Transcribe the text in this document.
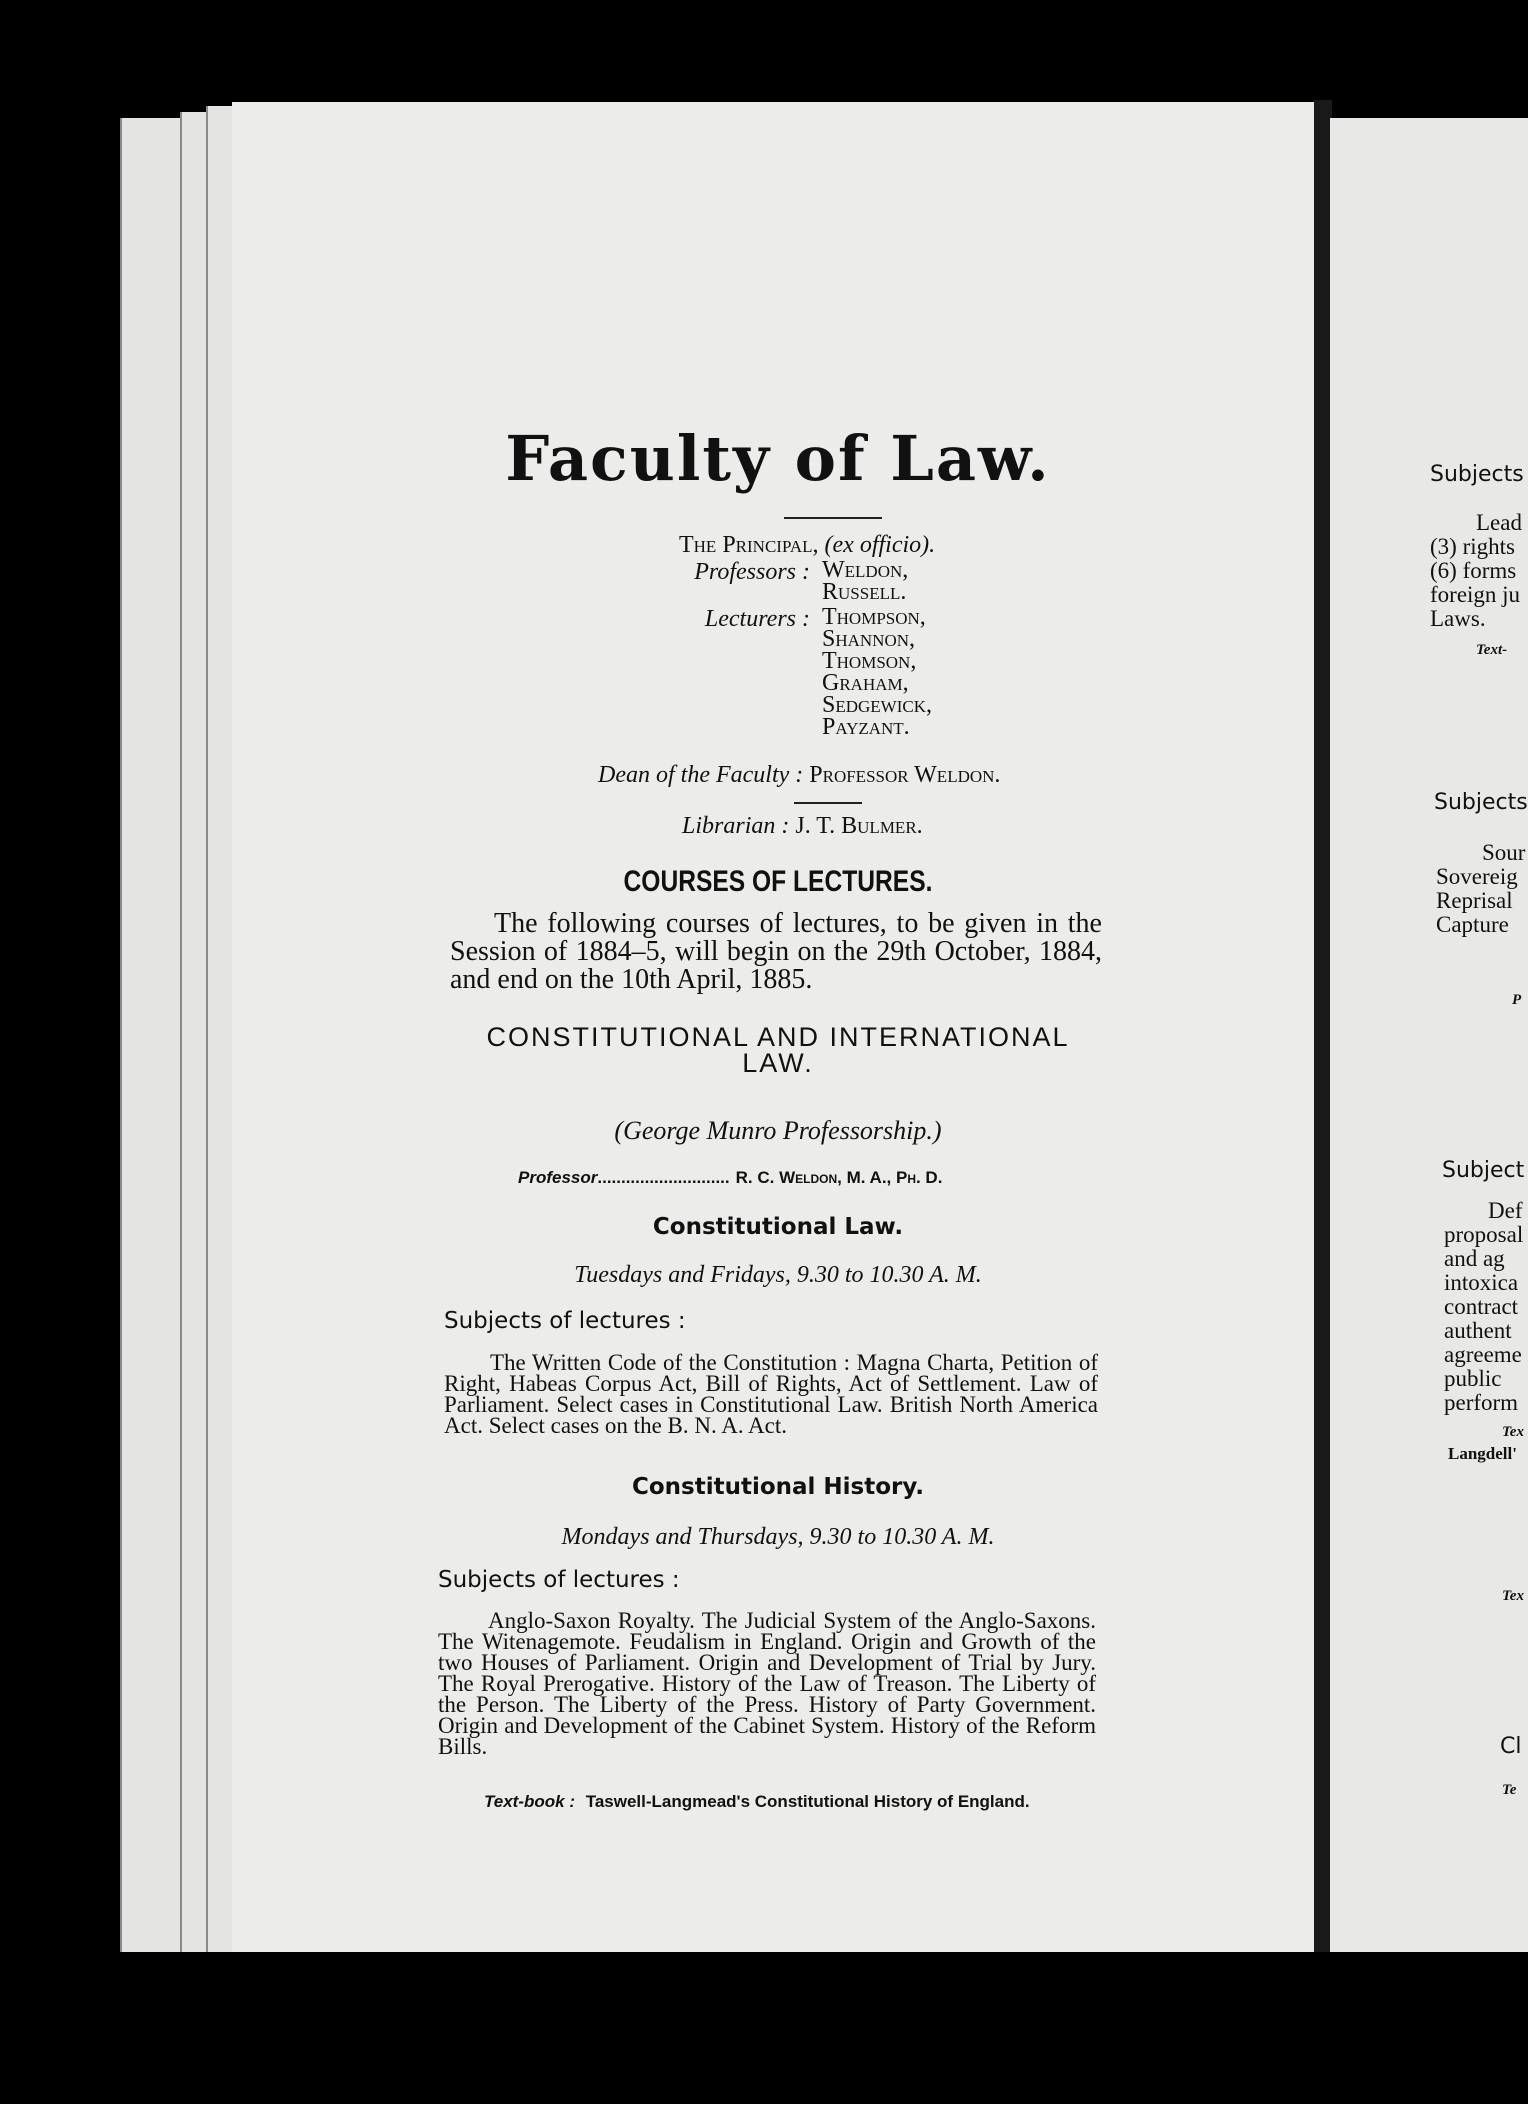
Faculty of Law.
The Principal, (ex officio).
Professors : Weldon,
Russell.
Lecturers : Thompson,
Shannon,
Thomson,
Graham,
Sedgewick,
Payzant.
Dean of the Faculty : Professor Weldon.
Librarian : J. T. Bulmer.
COURSES OF LECTURES.
The following courses of lectures, to be given in the Session of 1884–5, will begin on the 29th October, 1884, and end on the 10th April, 1885.
CONSTITUTIONAL AND INTERNATIONAL
LAW.
(George Munro Professorship.)
Professor............................ R. C. Weldon, M. A., Ph. D.
Constitutional Law.
Tuesdays and Fridays, 9.30 to 10.30 A. M.
Subjects of lectures :
The Written Code of the Constitution : Magna Charta, Petition of Right, Habeas Corpus Act, Bill of Rights, Act of Settlement. Law of Parliament. Select cases in Constitutional Law. British North America Act. Select cases on the B. N. A. Act.
Constitutional History.
Mondays and Thursdays, 9.30 to 10.30 A. M.
Subjects of lectures :
Anglo-Saxon Royalty. The Judicial System of the Anglo-Saxons. The Witenagemote. Feudalism in England. Origin and Growth of the two Houses of Parliament. Origin and Development of Trial by Jury. The Royal Prerogative. History of the Law of Treason. The Liberty of the Person. The Liberty of the Press. History of Party Government. Origin and Development of the Cabinet System. History of the Reform Bills.
Text-book : Taswell-Langmead's Constitutional History of England.
Subjects
Lead
(3) rights
(6) forms
foreign ju
Laws.
Text-
Subjects
Sour
Sovereig
Reprisal
Capture
P
Subject
Def
proposal
and ag
intoxica
contract
authent
agreeme
public
perform
Tex
Langdell'
Tex
Cl
Te
